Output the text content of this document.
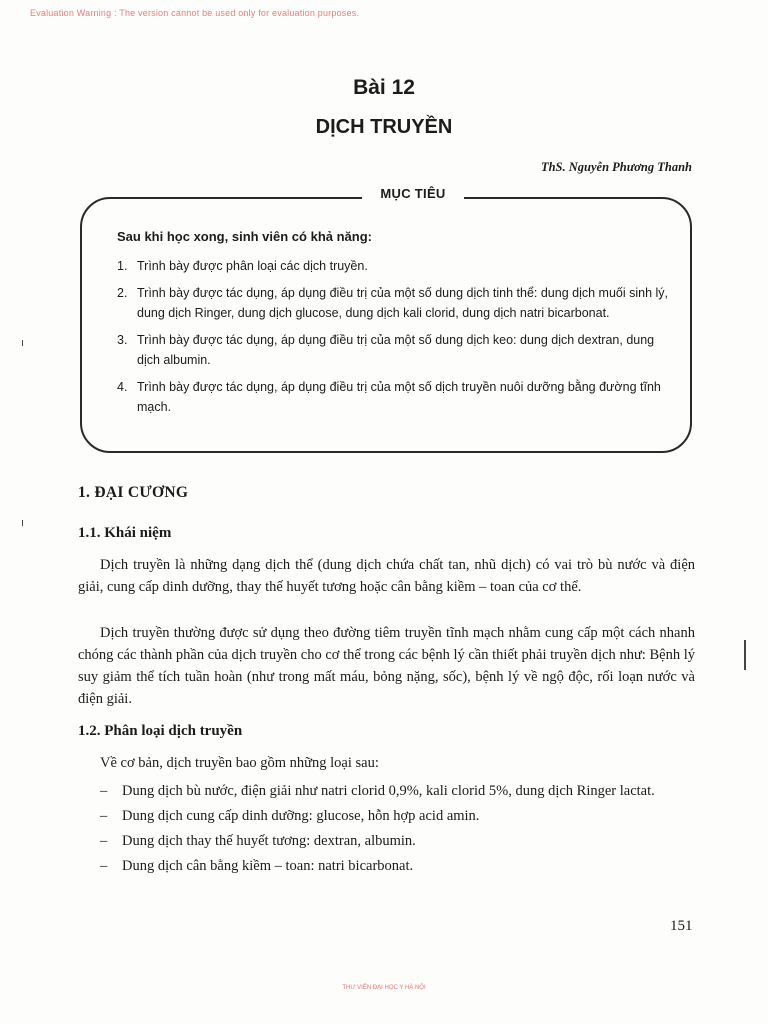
Evaluation Warning : The version cannot be used only for evaluation purposes.
Bài 12
DỊCH TRUYỀN
ThS. Nguyễn Phương Thanh
MỤC TIÊU
Sau khi học xong, sinh viên có khả năng:
1. Trình bày được phân loại các dịch truyền.
2. Trình bày được tác dụng, áp dụng điều trị của một số dung dịch tinh thể: dung dịch muối sinh lý, dung dịch Ringer, dung dịch glucose, dung dịch kali clorid, dung dịch natri bicarbonat.
3. Trình bày được tác dụng, áp dụng điều trị của một số dung dịch keo: dung dịch dextran, dung dịch albumin.
4. Trình bày được tác dụng, áp dụng điều trị của một số dịch truyền nuôi dưỡng bằng đường tĩnh mạch.
1. ĐẠI CƯƠNG
1.1. Khái niệm
Dịch truyền là những dạng dịch thể (dung dịch chứa chất tan, nhũ dịch) có vai trò bù nước và điện giải, cung cấp dinh dưỡng, thay thế huyết tương hoặc cân bằng kiềm – toan của cơ thể.
Dịch truyền thường được sử dụng theo đường tiêm truyền tĩnh mạch nhằm cung cấp một cách nhanh chóng các thành phần của dịch truyền cho cơ thể trong các bệnh lý cần thiết phải truyền dịch như: Bệnh lý suy giảm thể tích tuần hoàn (như trong mất máu, bỏng nặng, sốc), bệnh lý về ngộ độc, rối loạn nước và điện giải.
1.2. Phân loại dịch truyền
Về cơ bản, dịch truyền bao gồm những loại sau:
–	Dung dịch bù nước, điện giải như natri clorid 0,9%, kali clorid 5%, dung dịch Ringer lactat.
–	Dung dịch cung cấp dinh dưỡng: glucose, hỗn hợp acid amin.
–	Dung dịch thay thế huyết tương: dextran, albumin.
–	Dung dịch cân bằng kiềm – toan: natri bicarbonat.
151
THƯ VIỆN ĐẠI HỌC Y HÀ NỘI
